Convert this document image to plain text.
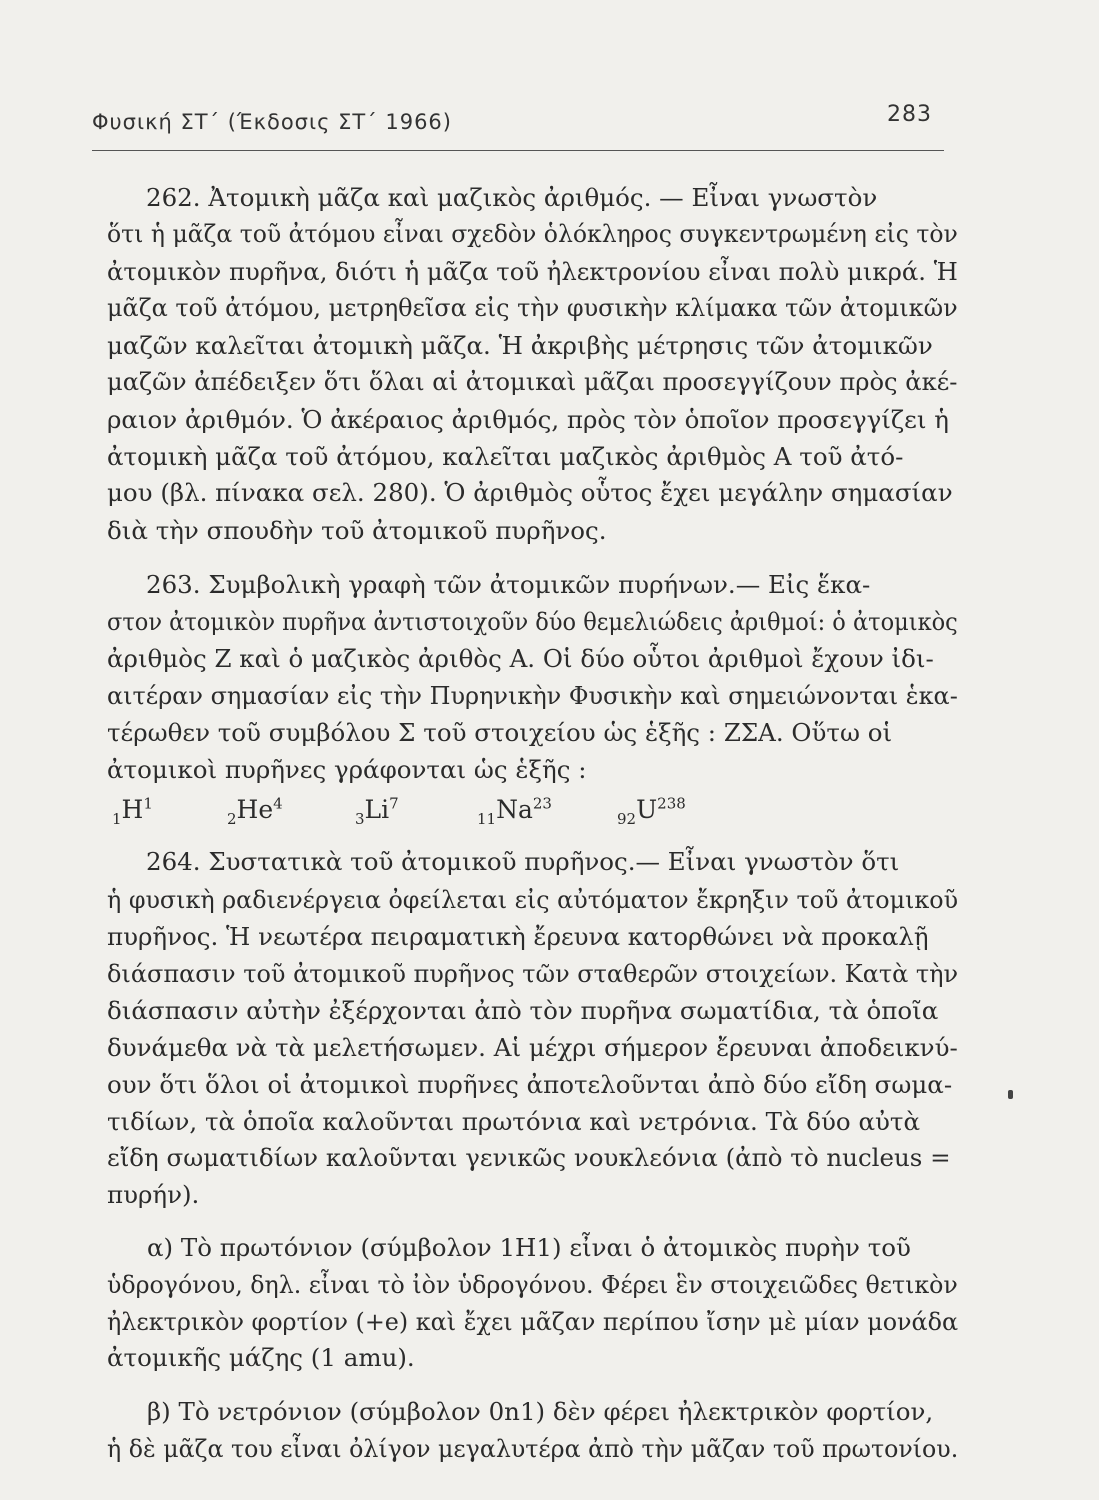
Φυσική ΣΤ΄ (Έκδοσις ΣΤ΄ 1966)	283
262. Ἀτομικὴ μᾶζα καὶ μαζικὸς ἀριθμός. — Εἶναι γνωστὸν
ὅτι ἡ μᾶζα τοῦ ἀτόμου εἶναι σχεδὸν ὁλόκληρος συγκεντρωμένη εἰς τὸν
ἀτομικὸν πυρῆνα, διότι ἡ μᾶζα τοῦ ἠλεκτρονίου εἶναι πολὺ μικρά. Ἡ
μᾶζα τοῦ ἀτόμου, μετρηθεῖσα εἰς τὴν φυσικὴν κλίμακα τῶν ἀτομικῶν
μαζῶν καλεῖται ἀτομικὴ μᾶζα. Ἡ ἀκριβὴς μέτρησις τῶν ἀτομικῶν
μαζῶν ἀπέδειξεν ὅτι ὅλαι αἱ ἀτομικαὶ μᾶζαι προσεγγίζουν πρὸς ἀκέ-
ραιον ἀριθμόν. Ὁ ἀκέραιος ἀριθμός, πρὸς τὸν ὁποῖον προσεγγίζει ἡ
ἀτομικὴ μᾶζα τοῦ ἀτόμου, καλεῖται μαζικὸς ἀριθμὸς Α τοῦ ἀτό-
μου (βλ. πίνακα σελ. 280). Ὁ ἀριθμὸς οὗτος ἔχει μεγάλην σημασίαν
διὰ τὴν σπουδὴν τοῦ ἀτομικοῦ πυρῆνος.
263. Συμβολικὴ γραφὴ τῶν ἀτομικῶν πυρήνων.— Εἰς ἕκα-
στον ἀτομικὸν πυρῆνα ἀντιστοιχοῦν δύο θεμελιώδεις ἀριθμοί: ὁ ἀτομικὸς
ἀριθμὸς Ζ καὶ ὁ μαζικὸς ἀριθὸς Α. Οἱ δύο οὗτοι ἀριθμοὶ ἔχουν ἰδι-
αιτέραν σημασίαν εἰς τὴν Πυρηνικὴν Φυσικὴν καὶ σημειώνονται ἑκα-
τέρωθεν τοῦ συμβόλου Σ τοῦ στοιχείου ὡς ἑξῆς : ZΣA. Οὕτω οἱ
ἀτομικοὶ πυρῆνες γράφονται ὡς ἑξῆς :
$_1H^1$
$_2He^4$
$_3Li^7$
$_{11}Na^{23}$
$_{92}U^{238}$
264. Συστατικὰ τοῦ ἀτομικοῦ πυρῆνος.— Εἶναι γνωστὸν ὅτι
ἡ φυσικὴ ραδιενέργεια ὀφείλεται εἰς αὐτόματον ἔκρηξιν τοῦ ἀτομικοῦ
πυρῆνος. Ἡ νεωτέρα πειραματικὴ ἔρευνα κατορθώνει νὰ προκαλῇ
διάσπασιν τοῦ ἀτομικοῦ πυρῆνος τῶν σταθερῶν στοιχείων. Κατὰ τὴν
διάσπασιν αὐτὴν ἐξέρχονται ἀπὸ τὸν πυρῆνα σωματίδια, τὰ ὁποῖα
δυνάμεθα νὰ τὰ μελετήσωμεν. Αἱ μέχρι σήμερον ἔρευναι ἀποδεικνύ-
ουν ὅτι ὅλοι οἱ ἀτομικοὶ πυρῆνες ἀποτελοῦνται ἀπὸ δύο εἴδη σωμα-
τιδίων, τὰ ὁποῖα καλοῦνται πρωτόνια καὶ νετρόνια. Τὰ δύο αὐτὰ
εἴδη σωματιδίων καλοῦνται γενικῶς νουκλεόνια (ἀπὸ τὸ nucleus =
πυρήν).
α) Τὸ πρωτόνιον (σύμβολον 1H1) εἶναι ὁ ἀτομικὸς πυρὴν τοῦ
ὑδρογόνου, δηλ. εἶναι τὸ ἰὸν ὑδρογόνου. Φέρει ἓν στοιχειῶδες θετικὸν
ἠλεκτρικὸν φορτίον (+e) καὶ ἔχει μᾶζαν περίπου ἴσην μὲ μίαν μονάδα
ἀτομικῆς μάζης (1 amu).
β) Τὸ νετρόνιον (σύμβολον 0n1) δὲν φέρει ἠλεκτρικὸν φορτίον,
ἡ δὲ μᾶζα του εἶναι ὀλίγον μεγαλυτέρα ἀπὸ τὴν μᾶζαν τοῦ πρωτονίου.
